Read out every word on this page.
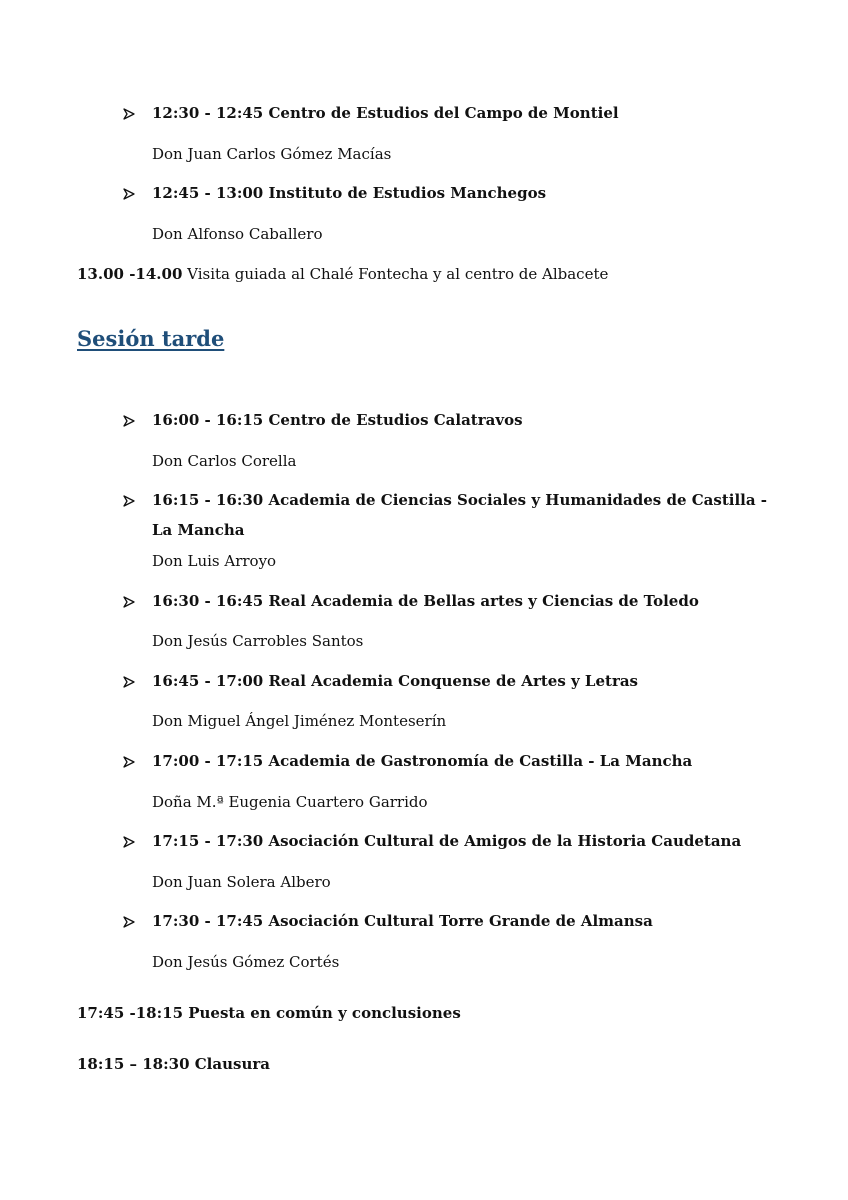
12:30 - 12:45 Centro de Estudios del Campo de Montiel
Don Juan Carlos Gómez Macías
12:45 - 13:00 Instituto de Estudios Manchegos
Don Alfonso Caballero
13.00 -14.00 Visita guiada al Chalé Fontecha y al centro de Albacete
Sesión tarde
16:00 - 16:15 Centro de Estudios Calatravos
Don Carlos Corella
16:15 - 16:30 Academia de Ciencias Sociales y Humanidades de Castilla - La Mancha
Don Luis Arroyo
16:30 - 16:45 Real Academia de Bellas artes y Ciencias de Toledo
Don Jesús Carrobles Santos
16:45 - 17:00 Real Academia Conquense de Artes y Letras
Don Miguel Ángel Jiménez Monteserín
17:00 - 17:15 Academia de Gastronomía de Castilla - La Mancha
Doña M.ª Eugenia Cuartero Garrido
17:15 - 17:30 Asociación Cultural de Amigos de la Historia Caudetana
Don Juan Solera Albero
17:30 - 17:45 Asociación Cultural Torre Grande de Almansa
Don Jesús Gómez Cortés
17:45 -18:15 Puesta en común y conclusiones
18:15 – 18:30 Clausura
